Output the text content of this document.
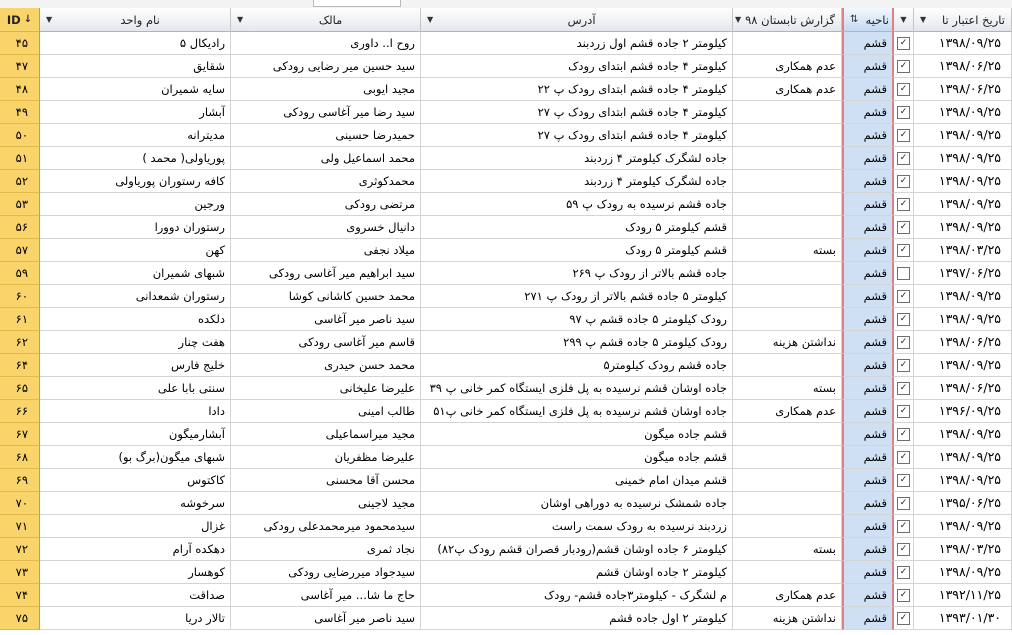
تاریخ اعتبار تا
▼
▼
ناحیه
⇅
گزارش تابستان ۹۸
▼
آدرس
▼
مالک
▼
نام واحد
▼
ID ↓
۱۳۹۸/۰۹/۲۵
✓
قشم
کیلومتر ۲ جاده قشم اول زردبند
روح ا.. داوری
رادیکال ۵
۴۵
۱۳۹۸/۰۶/۲۵
✓
قشم
عدم همکاری
کیلومتر ۴ جاده قشم ابتدای رودک
سید حسین میر رضایی رودکی
شقایق
۴۷
۱۳۹۸/۰۶/۲۵
✓
قشم
عدم همکاری
کیلومتر ۴ جاده قشم ابتدای رودک پ ۲۲
مجید ایوبی
سایه شمیران
۴۸
۱۳۹۸/۰۹/۲۵
✓
قشم
کیلومتر ۴ جاده قشم ابتدای رودک پ ۲۷
سید رضا میر آغاسی رودکی
آبشار
۴۹
۱۳۹۸/۰۹/۲۵
✓
قشم
کیلومتر ۴ جاده قشم ابتدای رودک پ ۲۷
حمیدرضا حسینی
مدیترانه
۵۰
۱۳۹۸/۰۹/۲۵
✓
قشم
جاده لشگرک کیلومتر ۴ زردبند
محمد اسماعیل ولی
پوریاولی( محمد )
۵۱
۱۳۹۸/۰۹/۲۵
✓
قشم
جاده لشگرک کیلومتر ۴ زردبند
محمدکوثری
کافه رستوران پوریاولی
۵۲
۱۳۹۸/۰۹/۲۵
✓
قشم
جاده قشم نرسیده به رودک پ ۵۹
مرتضی رودکی
ورجین
۵۳
۱۳۹۸/۰۹/۲۵
✓
قشم
قشم کیلومتر ۵ رودک
دانیال خسروی
رستوران دوورا
۵۶
۱۳۹۸/۰۳/۲۵
✓
قشم
بسته
قشم کیلومتر ۵ رودک
میلاد نجفی
کهن
۵۷
۱۳۹۷/۰۶/۲۵
قشم
جاده قشم بالاتر از رودک پ ۲۶۹
سید ابراهیم میر آغاسی رودکی
شبهای شمیران
۵۹
۱۳۹۸/۰۹/۲۵
✓
قشم
کیلومتر ۵ جاده قشم بالاتر از رودک پ ۲۷۱
محمد حسین کاشانی کوشا
رستوران شمعدانی
۶۰
۱۳۹۸/۰۹/۲۵
✓
قشم
رودک کیلومتر ۵ جاده قشم پ ۹۷
سید ناصر میر آغاسی
دلکده
۶۱
۱۳۹۸/۰۶/۲۵
✓
قشم
نداشتن هزینه
رودک کیلومتر ۵ جاده قشم پ ۲۹۹
قاسم میر آغاسی رودکی
هفت چنار
۶۲
۱۳۹۸/۰۹/۲۵
✓
قشم
جاده قشم رودک کیلومتر۵
محمد حسن حیدری
خلیج فارس
۶۴
۱۳۹۸/۰۶/۲۵
✓
قشم
بسته
جاده اوشان قشم نرسیده به پل فلزی ایستگاه کمر خانی پ ۳۹
علیرضا علیخانی
سنتی بابا علی
۶۵
۱۳۹۶/۰۹/۲۵
✓
قشم
عدم همکاری
جاده اوشان قشم نرسیده به پل فلزی ایستگاه کمر خانی پ۵۱
طالب امینی
دادا
۶۶
۱۳۹۸/۰۹/۲۵
✓
قشم
قشم جاده میگون
مجید میراسماعیلی
آبشارمیگون
۶۷
۱۳۹۸/۰۹/۲۵
✓
قشم
قشم جاده میگون
علیرضا مظفریان
شبهای میگون(برگ بو)
۶۸
۱۳۹۸/۰۹/۲۵
✓
قشم
قشم میدان امام خمینی
محسن آقا محسنی
کاکتوس
۶۹
۱۳۹۵/۰۶/۲۵
✓
قشم
جاده شمشک نرسیده به دوراهی اوشان
مجید لاجینی
سرخوشه
۷۰
۱۳۹۸/۰۹/۲۵
✓
قشم
زردبند نرسیده به رودک سمت راست
سیدمحمود میرمحمدعلی رودکی
غزال
۷۱
۱۳۹۸/۰۳/۲۵
✓
قشم
بسته
کیلومتر ۶ جاده اوشان قشم(رودبار قصران قشم رودک پ۸۲)
نجاد ثمری
دهکده آرام
۷۲
۱۳۹۸/۰۹/۲۵
✓
قشم
کیلومتر ۲ جاده اوشان قشم
سیدجواد میررضایی رودکی
کوهسار
۷۳
۱۳۹۲/۱۱/۲۵
✓
قشم
عدم همکاری
م لشگرک - کیلومتر۳جاده قشم- رودک
حاج ما شا... میر آغاسی
صداقت
۷۴
۱۳۹۳/۰۱/۳۰
✓
قشم
نداشتن هزینه
کیلومتر ۲ اول جاده قشم
سید ناصر میر آغاسی
تالار دریا
۷۵
